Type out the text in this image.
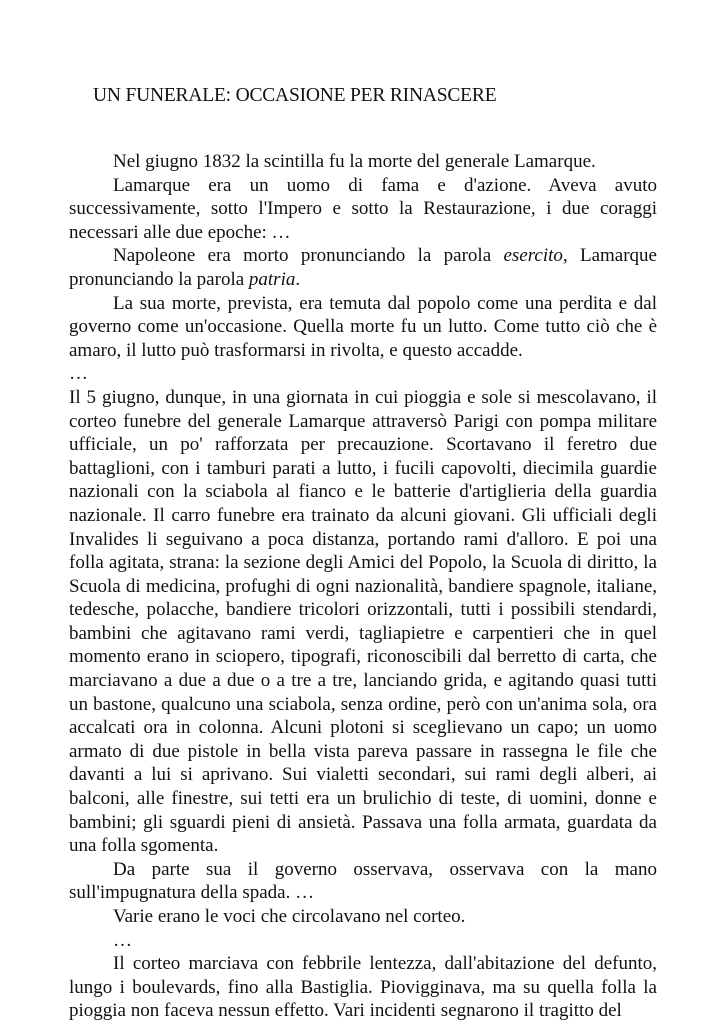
UN FUNERALE: OCCASIONE PER RINASCERE

Nel giugno 1832 la scintilla fu la morte del generale Lamarque.

Lamarque era un uomo di fama e d'azione. Aveva avuto successivamente, sotto l'Impero e sotto la Restaurazione, i due coraggi necessari alle due epoche: …

Napoleone era morto pronunciando la parola esercito, Lamarque pronunciando la parola patria.

La sua morte, prevista, era temuta dal popolo come una perdita e dal governo come un'occasione. Quella morte fu un lutto. Come tutto ciò che è amaro, il lutto può trasformarsi in rivolta, e questo accadde.

…

Il 5 giugno, dunque, in una giornata in cui pioggia e sole si mescolavano, il corteo funebre del generale Lamarque attraversò Parigi con pompa militare ufficiale, un po' rafforzata per precauzione. Scortavano il feretro due battaglioni, con i tamburi parati a lutto, i fucili capovolti, diecimila guardie nazionali con la sciabola al fianco e le batterie d'artiglieria della guardia nazionale. Il carro funebre era trainato da alcuni giovani. Gli ufficiali degli Invalides li seguivano a poca distanza, portando rami d'alloro. E poi una folla agitata, strana: la sezione degli Amici del Popolo, la Scuola di diritto, la Scuola di medicina, profughi di ogni nazionalità, bandiere spagnole, italiane, tedesche, polacche, bandiere tricolori orizzontali, tutti i possibili stendardi, bambini che agitavano rami verdi, tagliapietre e carpentieri che in quel momento erano in sciopero, tipografi, riconoscibili dal berretto di carta, che marciavano a due a due o a tre a tre, lanciando grida, e agitando quasi tutti un bastone, qualcuno una sciabola, senza ordine, però con un'anima sola, ora accalcati ora in colonna. Alcuni plotoni si sceglievano un capo; un uomo armato di due pistole in bella vista pareva passare in rassegna le file che davanti a lui si aprivano. Sui vialetti secondari, sui rami degli alberi, ai balconi, alle finestre, sui tetti era un brulichio di teste, di uomini, donne e bambini; gli sguardi pieni di ansietà. Passava una folla armata, guardata da una folla sgomenta.

Da parte sua il governo osservava, osservava con la mano sull'impugnatura della spada. …

Varie erano le voci che circolavano nel corteo.

…

Il corteo marciava con febbrile lentezza, dall'abitazione del defunto, lungo i boulevards, fino alla Bastiglia. Piovigginava, ma su quella folla la pioggia non faceva nessun effetto. Vari incidenti segnarono il tragitto del
